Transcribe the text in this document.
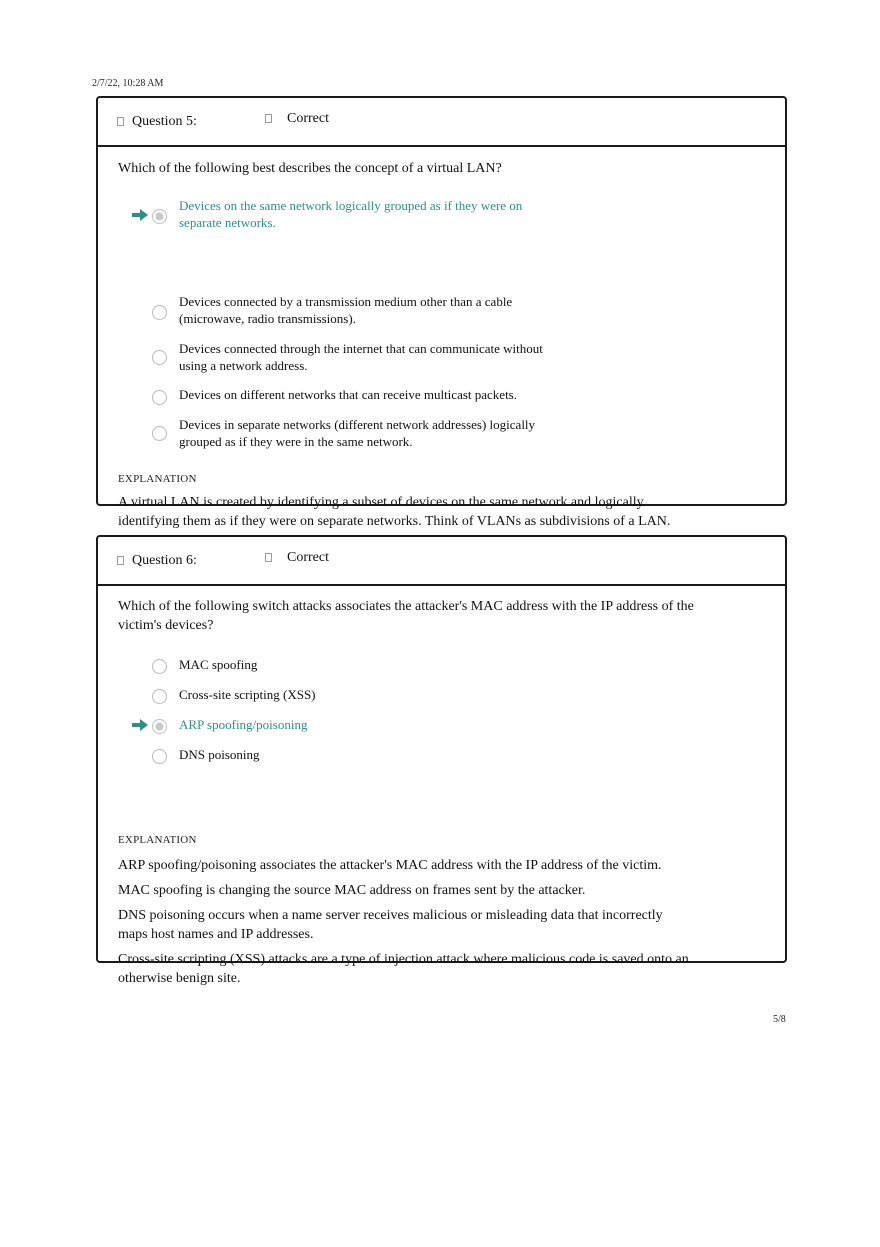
2/7/22, 10:28 AM
Question 5:	Correct

Which of the following best describes the concept of a virtual LAN?

Devices on the same network logically grouped as if they were on
separate networks.
Devices connected by a transmission medium other than a cable
(microwave, radio transmissions).
Devices connected through the internet that can communicate without
using a network address.
Devices on different networks that can receive multicast packets.
Devices in separate networks (different network addresses) logically
grouped as if they were in the same network.

EXPLANATION

A virtual LAN is created by identifying a subset of devices on the same network and logically
identifying them as if they were on separate networks. Think of VLANs as subdivisions of a LAN.

Question 6:	Correct

Which of the following switch attacks associates the attacker's MAC address with the IP address of the
victim's devices?

MAC spoofing
Cross-site scripting (XSS)
ARP spoofing/poisoning
DNS poisoning

EXPLANATION

ARP spoofing/poisoning associates the attacker's MAC address with the IP address of the victim.

MAC spoofing is changing the source MAC address on frames sent by the attacker.

DNS poisoning occurs when a name server receives malicious or misleading data that incorrectly
maps host names and IP addresses.

Cross-site scripting (XSS) attacks are a type of injection attack where malicious code is saved onto an
otherwise benign site.

5/8
